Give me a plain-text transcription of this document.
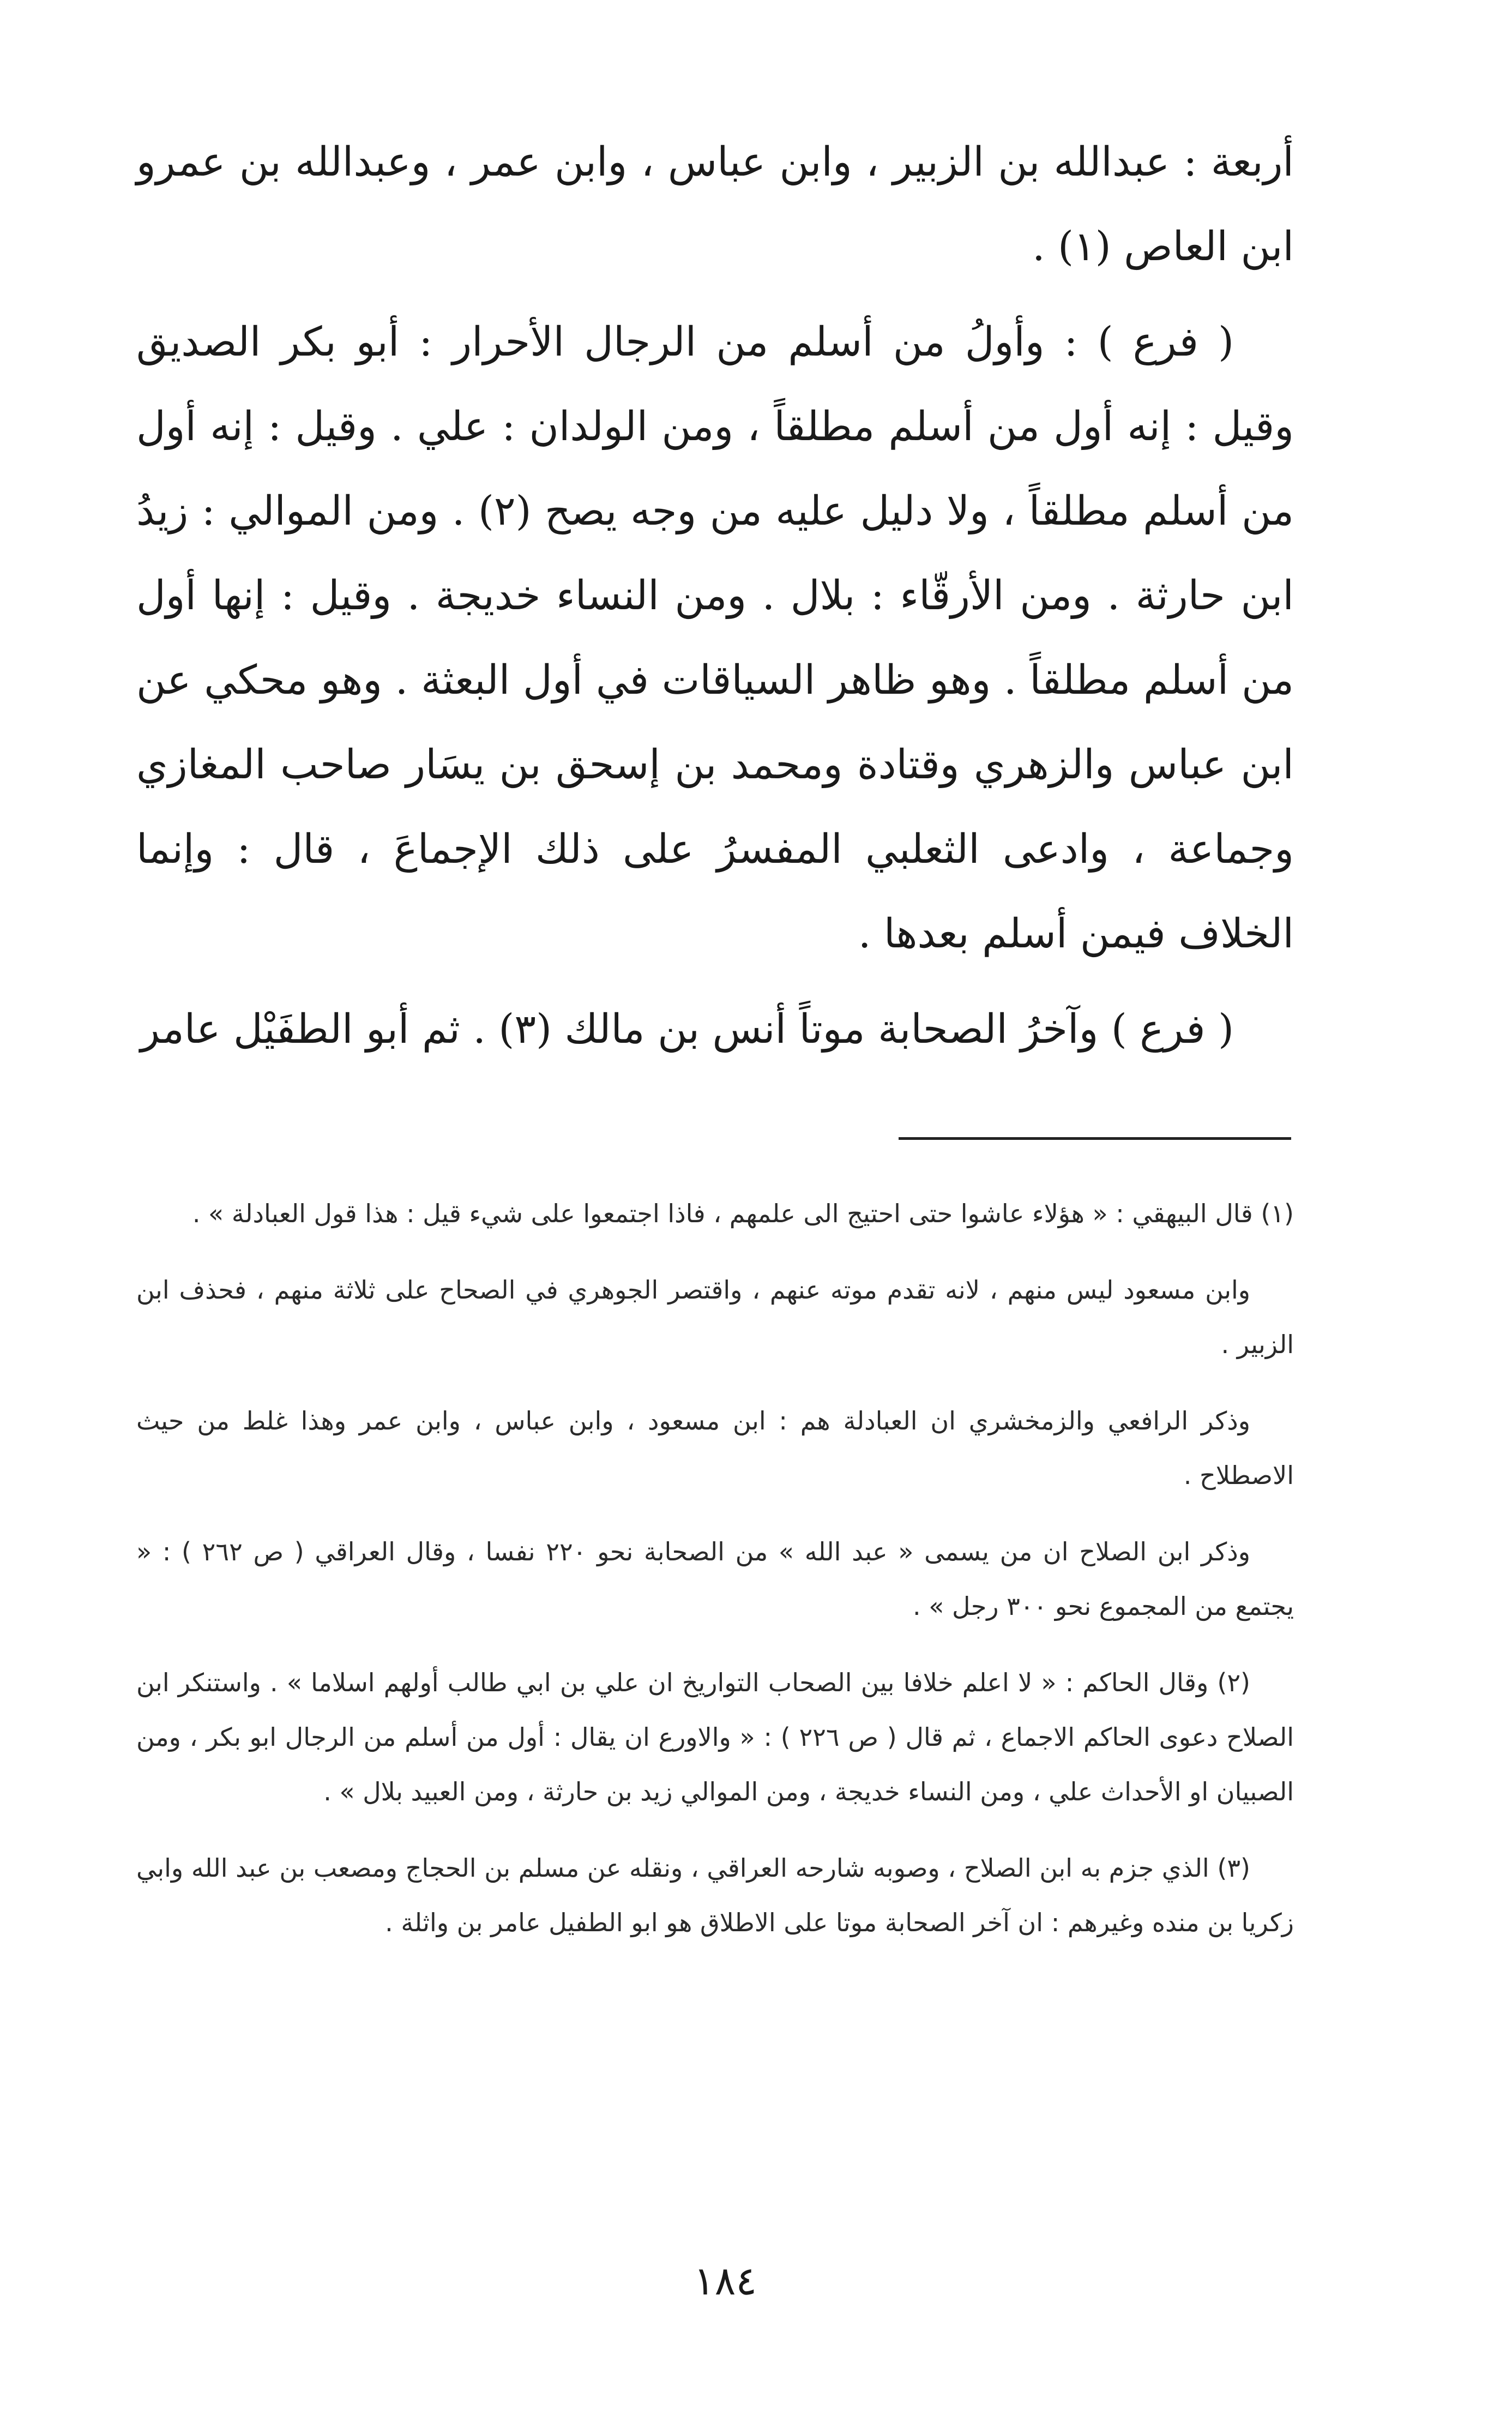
أربعة : عبدالله بن الزبير ، وابن عباس ، وابن عمر ، وعبدالله بن عمرو ابن العاص (١) .

( فرع ) : وأولُ من أسلم من الرجال الأحرار : أبو بكر الصديق وقيل : إنه أول من أسلم مطلقاً ، ومن الولدان : علي . وقيل : إنه أول من أسلم مطلقاً ، ولا دليل عليه من وجه يصح (٢) . ومن الموالي : زيدُ ابن حارثة . ومن الأرقّاء : بلال . ومن النساء خديجة . وقيل : إنها أول من أسلم مطلقاً . وهو ظاهر السياقات في أول البعثة . وهو محكي عن ابن عباس والزهري وقتادة ومحمد بن إسحق بن يسَار صاحب المغازي وجماعة ، وادعى الثعلبي المفسرُ على ذلك الإجماعَ ، قال : وإنما الخلاف فيمن أسلم بعدها .

( فرع ) وآخرُ الصحابة موتاً أنس بن مالك (٣) . ثم أبو الطفَيْل عامر

(١) قال البيهقي : « هؤلاء عاشوا حتى احتيج الى علمهم ، فاذا اجتمعوا على شيء قيل : هذا قول العبادلة » .

وابن مسعود ليس منهم ، لانه تقدم موته عنهم ، واقتصر الجوهري في الصحاح على ثلاثة منهم ، فحذف ابن الزبير .

وذكر الرافعي والزمخشري ان العبادلة هم : ابن مسعود ، وابن عباس ، وابن عمر وهذا غلط من حيث الاصطلاح .

وذكر ابن الصلاح ان من يسمى « عبد الله » من الصحابة نحو ٢٢٠ نفسا ، وقال العراقي ( ص ٢٦٢ ) : « يجتمع من المجموع نحو ٣٠٠ رجل » .

(٢) وقال الحاكم : « لا اعلم خلافا بين الصحاب التواريخ ان علي بن ابي طالب أولهم اسلاما » . واستنكر ابن الصلاح دعوى الحاكم الاجماع ، ثم قال ( ص ٢٢٦ ) : « والاورع ان يقال : أول من أسلم من الرجال ابو بكر ، ومن الصبيان او الأحداث علي ، ومن النساء خديجة ، ومن الموالي زيد بن حارثة ، ومن العبيد بلال » .

(٣) الذي جزم به ابن الصلاح ، وصوبه شارحه العراقي ، ونقله عن مسلم بن الحجاج ومصعب بن عبد الله وابي زكريا بن منده وغيرهم : ان آخر الصحابة موتا على الاطلاق هو ابو الطفيل عامر بن واثلة .

١٨٤
